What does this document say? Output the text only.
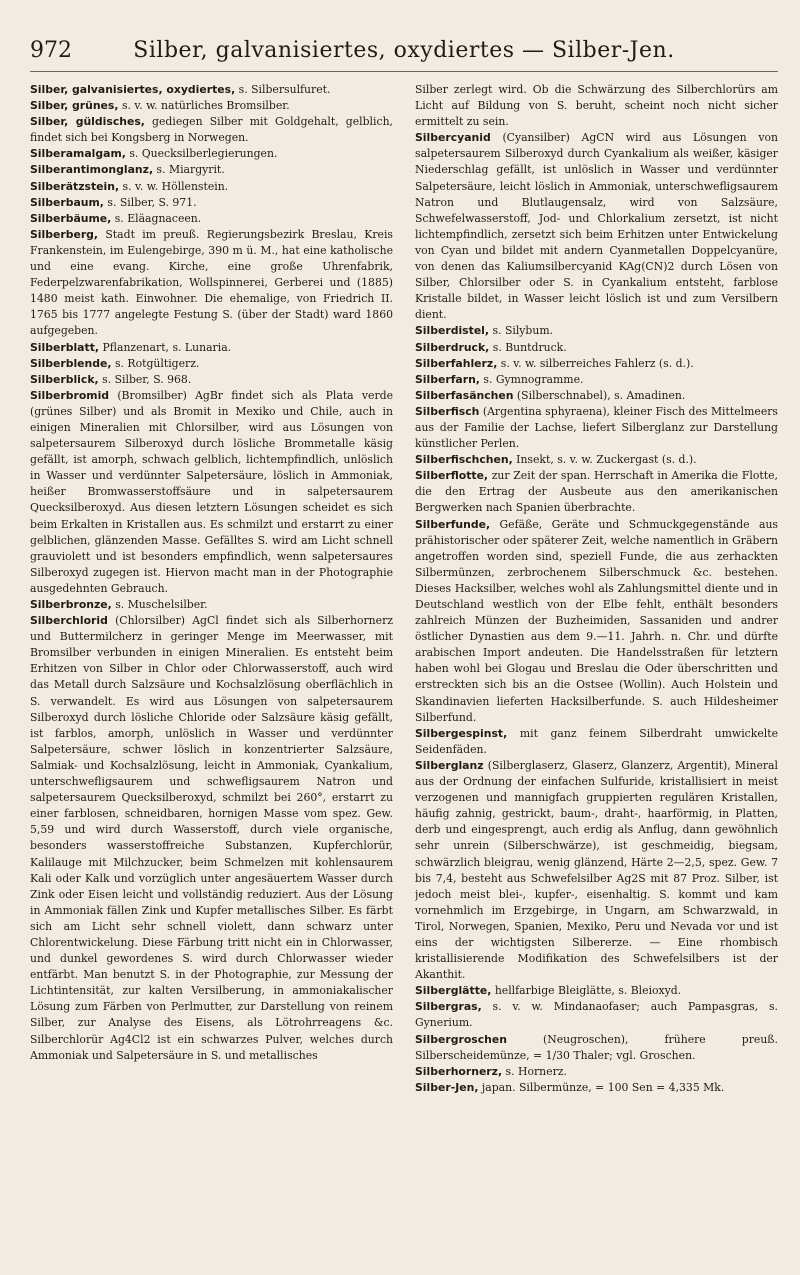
972	Silber, galvanisiertes, oxydiertes — Silber-Jen.

Silber, galvanisiertes, oxydiertes, s. Silbersulfuret.

Silber, grünes, s. v. w. natürliches Bromsilber.

Silber, güldisches, gediegen Silber mit Goldgehalt, gelblich, findet sich bei Kongsberg in Norwegen.

Silberamalgam, s. Quecksilberlegierungen.

Silberantimonglanz, s. Miargyrit.

Silberätzstein, s. v. w. Höllenstein.

Silberbaum, s. Silber, S. 971.

Silberbäume, s. Eläagnaceen.

Silberberg, Stadt im preuß. Regierungsbezirk Breslau, Kreis Frankenstein, im Eulengebirge, 390 m ü. M., hat eine katholische und eine evang. Kirche, eine große Uhrenfabrik, Federpelzwarenfabrikation, Wollspinnerei, Gerberei und (1885) 1480 meist kath. Einwohner. Die ehemalige, von Friedrich II. 1765 bis 1777 angelegte Festung S. (über der Stadt) ward 1860 aufgegeben.

Silberblatt, Pflanzenart, s. Lunaria.

Silberblende, s. Rotgültigerz.

Silberblick, s. Silber, S. 968.

Silberbromid (Bromsilber) AgBr findet sich als Plata verde (grünes Silber) und als Bromit in Mexiko und Chile, auch in einigen Mineralien mit Chlorsilber, wird aus Lösungen von salpetersaurem Silberoxyd durch lösliche Brommetalle käsig gefällt, ist amorph, schwach gelblich, lichtempfindlich, unlöslich in Wasser und verdünnter Salpetersäure, löslich in Ammoniak, heißer Bromwasserstoffsäure und in salpetersaurem Quecksilberoxyd. Aus diesen letztern Lösungen scheidet es sich beim Erkalten in Kristallen aus. Es schmilzt und erstarrt zu einer gelblichen, glänzenden Masse. Gefälltes S. wird am Licht schnell grauviolett und ist besonders empfindlich, wenn salpetersaures Silberoxyd zugegen ist. Hiervon macht man in der Photographie ausgedehnten Gebrauch.

Silberbronze, s. Muschelsilber.

Silberchlorid (Chlorsilber) AgCl findet sich als Silberhornerz und Buttermilcherz in geringer Menge im Meerwasser, mit Bromsilber verbunden in einigen Mineralien. Es entsteht beim Erhitzen von Silber in Chlor oder Chlorwasserstoff, auch wird das Metall durch Salzsäure und Kochsalzlösung oberflächlich in S. verwandelt. Es wird aus Lösungen von salpetersaurem Silberoxyd durch lösliche Chloride oder Salzsäure käsig gefällt, ist farblos, amorph, unlöslich in Wasser und verdünnter Salpetersäure, schwer löslich in konzentrierter Salzsäure, Salmiak- und Kochsalzlösung, leicht in Ammoniak, Cyankalium, unterschwefligsaurem und schwefligsaurem Natron und salpetersaurem Quecksilberoxyd, schmilzt bei 260°, erstarrt zu einer farblosen, schneidbaren, hornigen Masse vom spez. Gew. 5,59 und wird durch Wasserstoff, durch viele organische, besonders wasserstoffreiche Substanzen, Kupferchlorür, Kalilauge mit Milchzucker, beim Schmelzen mit kohlensaurem Kali oder Kalk und vorzüglich unter angesäuertem Wasser durch Zink oder Eisen leicht und vollständig reduziert. Aus der Lösung in Ammoniak fällen Zink und Kupfer metallisches Silber. Es färbt sich am Licht sehr schnell violett, dann schwarz unter Chlorentwickelung. Diese Färbung tritt nicht ein in Chlorwasser, und dunkel gewordenes S. wird durch Chlorwasser wieder entfärbt. Man benutzt S. in der Photographie, zur Messung der Lichtintensität, zur kalten Versilberung, in ammoniakalischer Lösung zum Färben von Perlmutter, zur Darstellung von reinem Silber, zur Analyse des Eisens, als Lötrohrreagens &c. Silberchlorür Ag4Cl2 ist ein schwarzes Pulver, welches durch Ammoniak und Salpetersäure in S. und metallisches

Silber zerlegt wird. Ob die Schwärzung des Silberchlorürs am Licht auf Bildung von S. beruht, scheint noch nicht sicher ermittelt zu sein.

Silbercyanid (Cyansilber) AgCN wird aus Lösungen von salpetersaurem Silberoxyd durch Cyankalium als weißer, käsiger Niederschlag gefällt, ist unlöslich in Wasser und verdünnter Salpetersäure, leicht löslich in Ammoniak, unterschwefligsaurem Natron und Blutlaugensalz, wird von Salzsäure, Schwefelwasserstoff, Jod- und Chlorkalium zersetzt, ist nicht lichtempfindlich, zersetzt sich beim Erhitzen unter Entwickelung von Cyan und bildet mit andern Cyanmetallen Doppelcyanüre, von denen das Kaliumsilbercyanid KAg(CN)2 durch Lösen von Silber, Chlorsilber oder S. in Cyankalium entsteht, farblose Kristalle bildet, in Wasser leicht löslich ist und zum Versilbern dient.

Silberdistel, s. Silybum.

Silberdruck, s. Buntdruck.

Silberfahlerz, s. v. w. silberreiches Fahlerz (s. d.).

Silberfarn, s. Gymnogramme.

Silberfasänchen (Silberschnabel), s. Amadinen.

Silberfisch (Argentina sphyraena), kleiner Fisch des Mittelmeers aus der Familie der Lachse, liefert Silberglanz zur Darstellung künstlicher Perlen.

Silberfischchen, Insekt, s. v. w. Zuckergast (s. d.).

Silberflotte, zur Zeit der span. Herrschaft in Amerika die Flotte, die den Ertrag der Ausbeute aus den amerikanischen Bergwerken nach Spanien überbrachte.

Silberfunde, Gefäße, Geräte und Schmuckgegenstände aus prähistorischer oder späterer Zeit, welche namentlich in Gräbern angetroffen worden sind, speziell Funde, die aus zerhackten Silbermünzen, zerbrochenem Silberschmuck &c. bestehen. Dieses Hacksilber, welches wohl als Zahlungsmittel diente und in Deutschland westlich von der Elbe fehlt, enthält besonders zahlreich Münzen der Buzheimiden, Sassaniden und andrer östlicher Dynastien aus dem 9.—11. Jahrh. n. Chr. und dürfte arabischen Import andeuten. Die Handelsstraßen für letztern haben wohl bei Glogau und Breslau die Oder überschritten und erstreckten sich bis an die Ostsee (Wollin). Auch Holstein und Skandinavien lieferten Hacksilberfunde. S. auch Hildesheimer Silberfund.

Silbergespinst, mit ganz feinem Silberdraht umwickelte Seidenfäden.

Silberglanz (Silberglaserz, Glaserz, Glanzerz, Argentit), Mineral aus der Ordnung der einfachen Sulfuride, kristallisiert in meist verzogenen und mannigfach gruppierten regulären Kristallen, häufig zahnig, gestrickt, baum-, draht-, haarförmig, in Platten, derb und eingesprengt, auch erdig als Anflug, dann gewöhnlich sehr unrein (Silberschwärze), ist geschmeidig, biegsam, schwärzlich bleigrau, wenig glänzend, Härte 2—2,5, spez. Gew. 7 bis 7,4, besteht aus Schwefelsilber Ag2S mit 87 Proz. Silber, ist jedoch meist blei-, kupfer-, eisenhaltig. S. kommt und kam vornehmlich im Erzgebirge, in Ungarn, am Schwarzwald, in Tirol, Norwegen, Spanien, Mexiko, Peru und Nevada vor und ist eins der wichtigsten Silbererze. — Eine rhombisch kristallisierende Modifikation des Schwefelsilbers ist der Akanthit.

Silberglätte, hellfarbige Bleiglätte, s. Bleioxyd.

Silbergras, s. v. w. Mindanaofaser; auch Pampasgras, s. Gynerium.

Silbergroschen	(Neugroschen), frühere preuß. Silberscheidemünze, = 1/30 Thaler; vgl. Groschen.

Silberhornerz, s. Hornerz.

Silber-Jen, japan. Silbermünze, = 100 Sen = 4,335 Mk.
